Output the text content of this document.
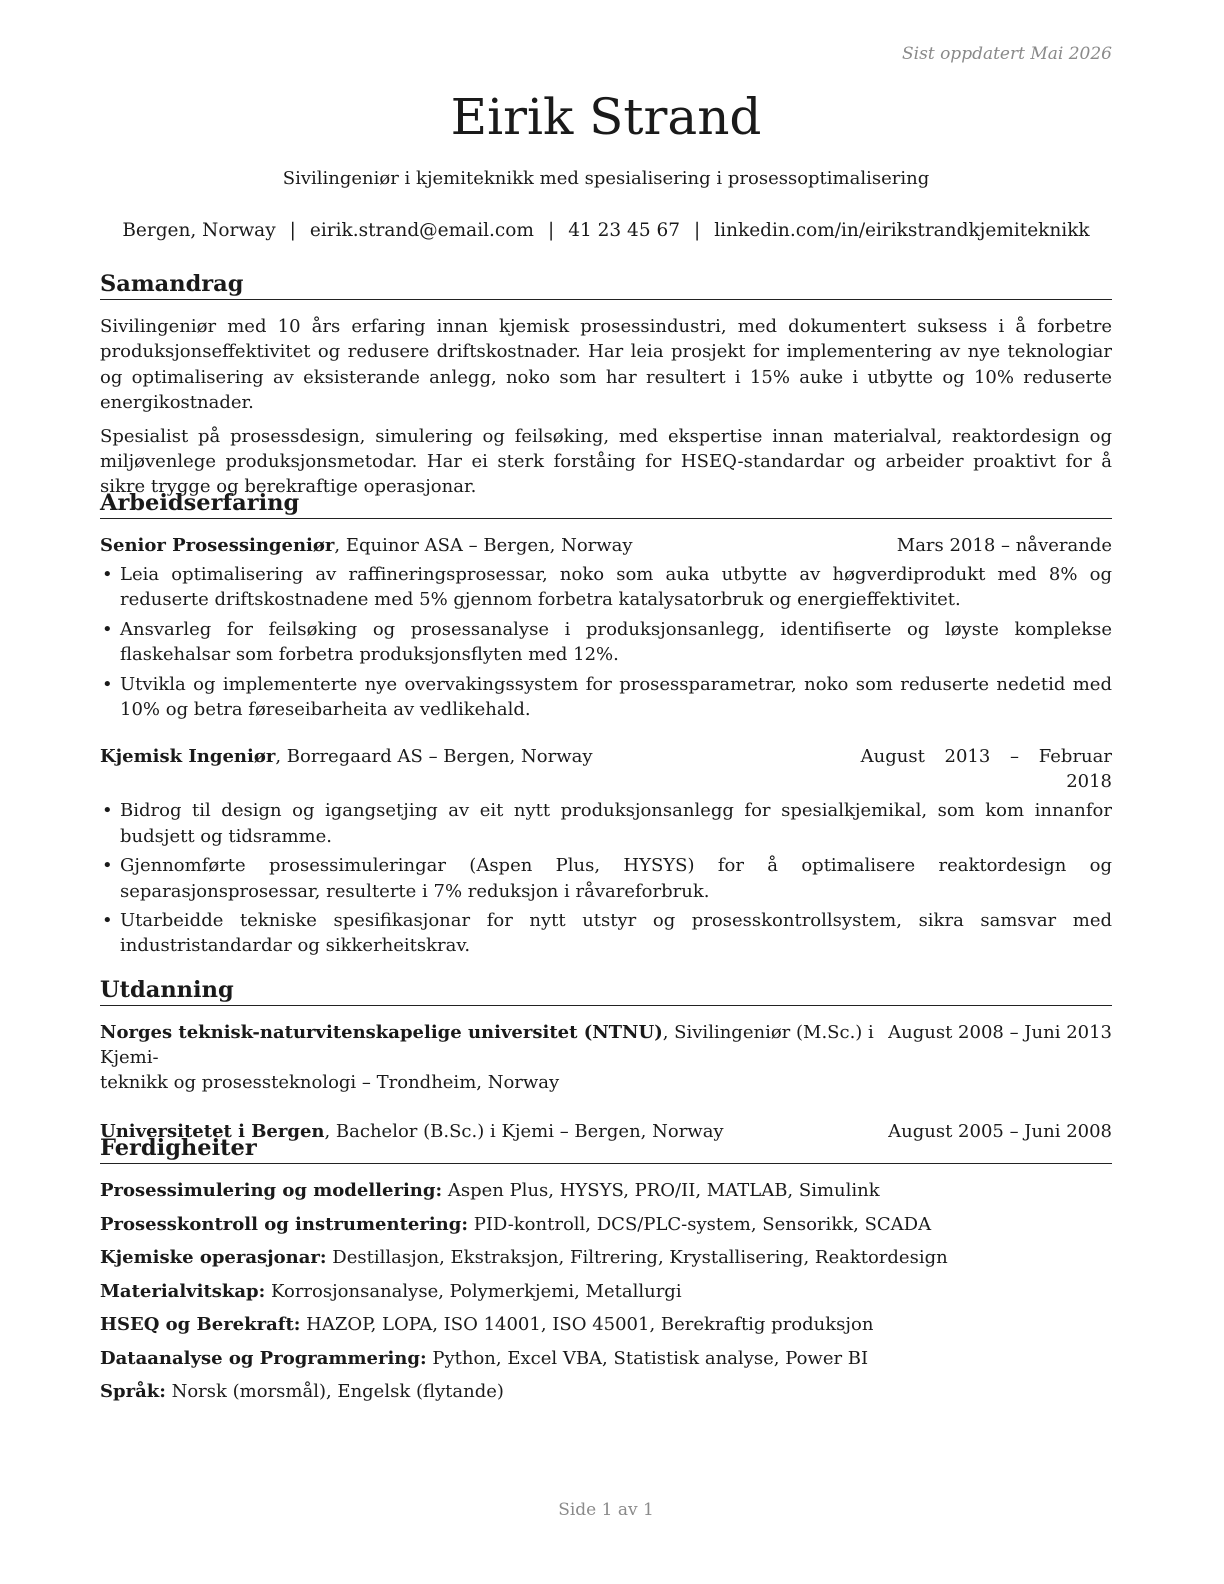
Sist oppdatert Mai 2026
Eirik Strand
Sivilingeniør i kjemiteknikk med spesialisering i prosessoptimalisering
Bergen, Norway | eirik.strand@email.com | 41 23 45 67 | linkedin.com/in/eirikstrandkjemiteknikk
Samandrag

Sivilingeniør med 10 års erfaring innan kjemisk prosessindustri, med dokumentert suksess i å forbetre produksjonseffektivitet og redusere driftskostnader. Har leia prosjekt for implementering av nye teknologiar og optimalisering av eksisterande anlegg, noko som har resultert i 15% auke i utbytte og 10% reduserte energikostnader.

Spesialist på prosessdesign, simulering og feilsøking, med ekspertise innan materialval, reaktordesign og miljøvenlege produksjonsmetodar. Har ei sterk forståing for HSEQ-standardar og arbeider proaktivt for å sikre trygge og berekraftige operasjonar.

Arbeidserfaring
Senior Prosessingeniør, Equinor ASA – Bergen, Norway	Mars 2018 – nåverande
• Leia optimalisering av raffineringsprosessar, noko som auka utbytte av høgverdiprodukt med 8% og reduserte driftskostnadene med 5% gjennom forbetra katalysatorbruk og energieffektivitet.
• Ansvarleg for feilsøking og prosessanalyse i produksjonsanlegg, identifiserte og løyste komplekse flaskehalsar som forbetra produksjonsflyten med 12%.
• Utvikla og implementerte nye overvakingssystem for prosessparametrar, noko som reduserte nedetid med 10% og betra føreseibarheita av vedlikehald.
Kjemisk Ingeniør, Borregaard AS – Bergen, Norway	August 2013 – Februar
2018
• Bidrog til design og igangsetjing av eit nytt produksjonsanlegg for spesialkjemikal, som kom innanfor budsjett og tidsramme.
• Gjennomførte prosessimuleringar (Aspen Plus, HYSYS) for å optimalisere reaktordesign og separasjonsprosessar, resulterte i 7% reduksjon i råvareforbruk.
• Utarbeidde tekniske spesifikasjonar for nytt utstyr og prosesskontrollsystem, sikra samsvar med industristandardar og sikkerheitskrav.
Utdanning
Norges teknisk-naturvitenskapelige universitet (NTNU), Sivilingeniør (M.Sc.) i Kjemi-
teknikk og prosessteknologi – Trondheim, Norway
August 2008 – Juni 2013
Universitetet i Bergen, Bachelor (B.Sc.) i Kjemi – Bergen, Norway	August 2005 – Juni 2008
Ferdigheiter
Prosessimulering og modellering: Aspen Plus, HYSYS, PRO/II, MATLAB, Simulink
Prosesskontroll og instrumentering: PID-kontroll, DCS/PLC-system, Sensorikk, SCADA
Kjemiske operasjonar: Destillasjon, Ekstraksjon, Filtrering, Krystallisering, Reaktordesign
Materialvitskap: Korrosjonsanalyse, Polymerkjemi, Metallurgi
HSEQ og Berekraft: HAZOP, LOPA, ISO 14001, ISO 45001, Berekraftig produksjon
Dataanalyse og Programmering: Python, Excel VBA, Statistisk analyse, Power BI
Språk: Norsk (morsmål), Engelsk (flytande)
Side 1 av 1
